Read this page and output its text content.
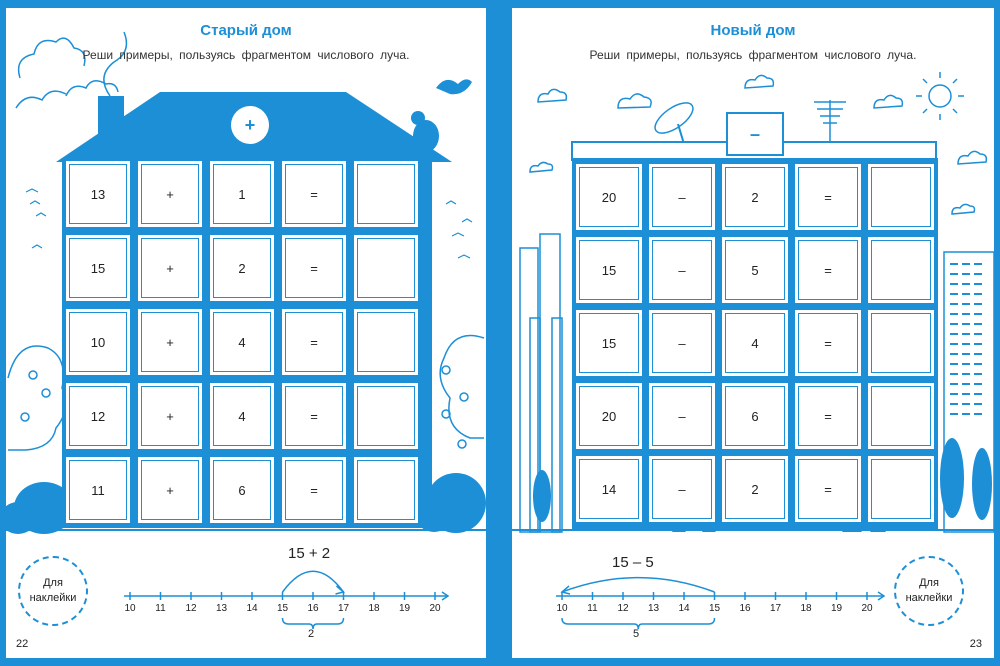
Старый дом
Реши примеры, пользуясь фрагментом числового луча.
+
13	+	1	=
15	+	2	=
10	+	4	=
12	+	4	=
11	+	6	=
Для
наклейки
15 + 2
10	11	12	13	14	15	16	17	18	19	20
2
22
Новый дом
Реши примеры, пользуясь фрагментом числового луча.
–
20	–	2	=
15	–	5	=
15	–	4	=
20	–	6	=
14	–	2	=
Для
наклейки
15 – 5
10	11	12	13	14	15	16	17	18	19	20
5
23
